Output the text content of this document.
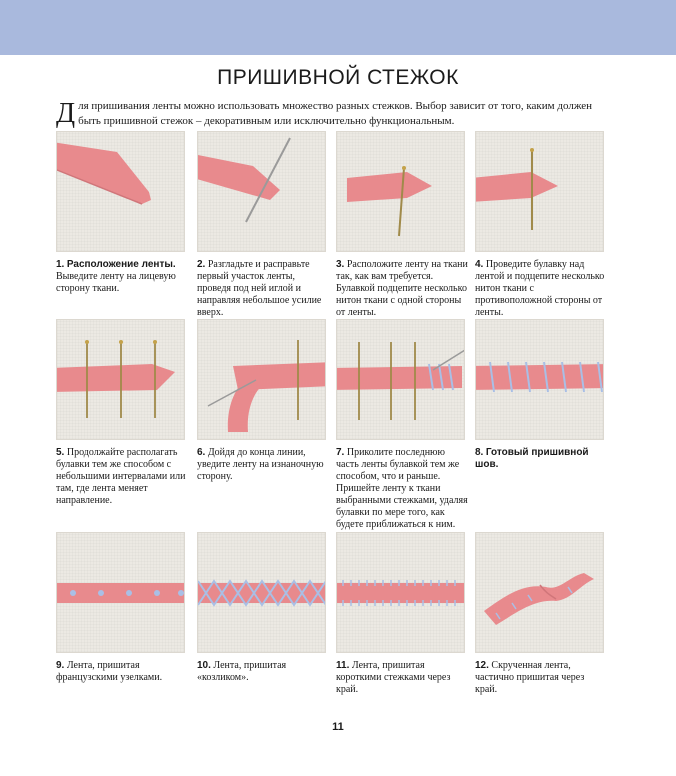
ПРИШИВНОЙ СТЕЖОК
Для пришивания ленты можно использовать множество разных стежков. Выбор зависит от того, каким должен быть пришивной стежок – декоративным или исключительно функциональным.
1. Расположение ленты. Выведите ленту на лицевую сторону ткани.
2. Разгладьте и расправьте первый участок ленты, проведя под ней иглой и направляя небольшое усилие вверх.
3. Расположите ленту на ткани так, как вам требуется. Булавкой подцепите несколько нитон ткани с одной стороны от ленты.
4. Проведите булавку над лентой и подцепите несколько нитон ткани с противоположной стороны от ленты.
5. Продолжайте располагать булавки тем же способом с небольшими интервалами или там, где лента меняет направление.
6. Дойдя до конца линии, уведите ленту на изнаночную сторону.
7. Приколите последнюю часть ленты булавкой тем же способом, что и раньше. Пришейте ленту к ткани выбранными стежками, удаляя булавки по мере того, как будете приближаться к ним.
8. Готовый пришивной шов.
9. Лента, пришитая французскими узелками.
10. Лента, пришитая «козликом».
11. Лента, пришитая короткими стежками через край.
12. Скрученная лента, частично пришитая через край.
11
